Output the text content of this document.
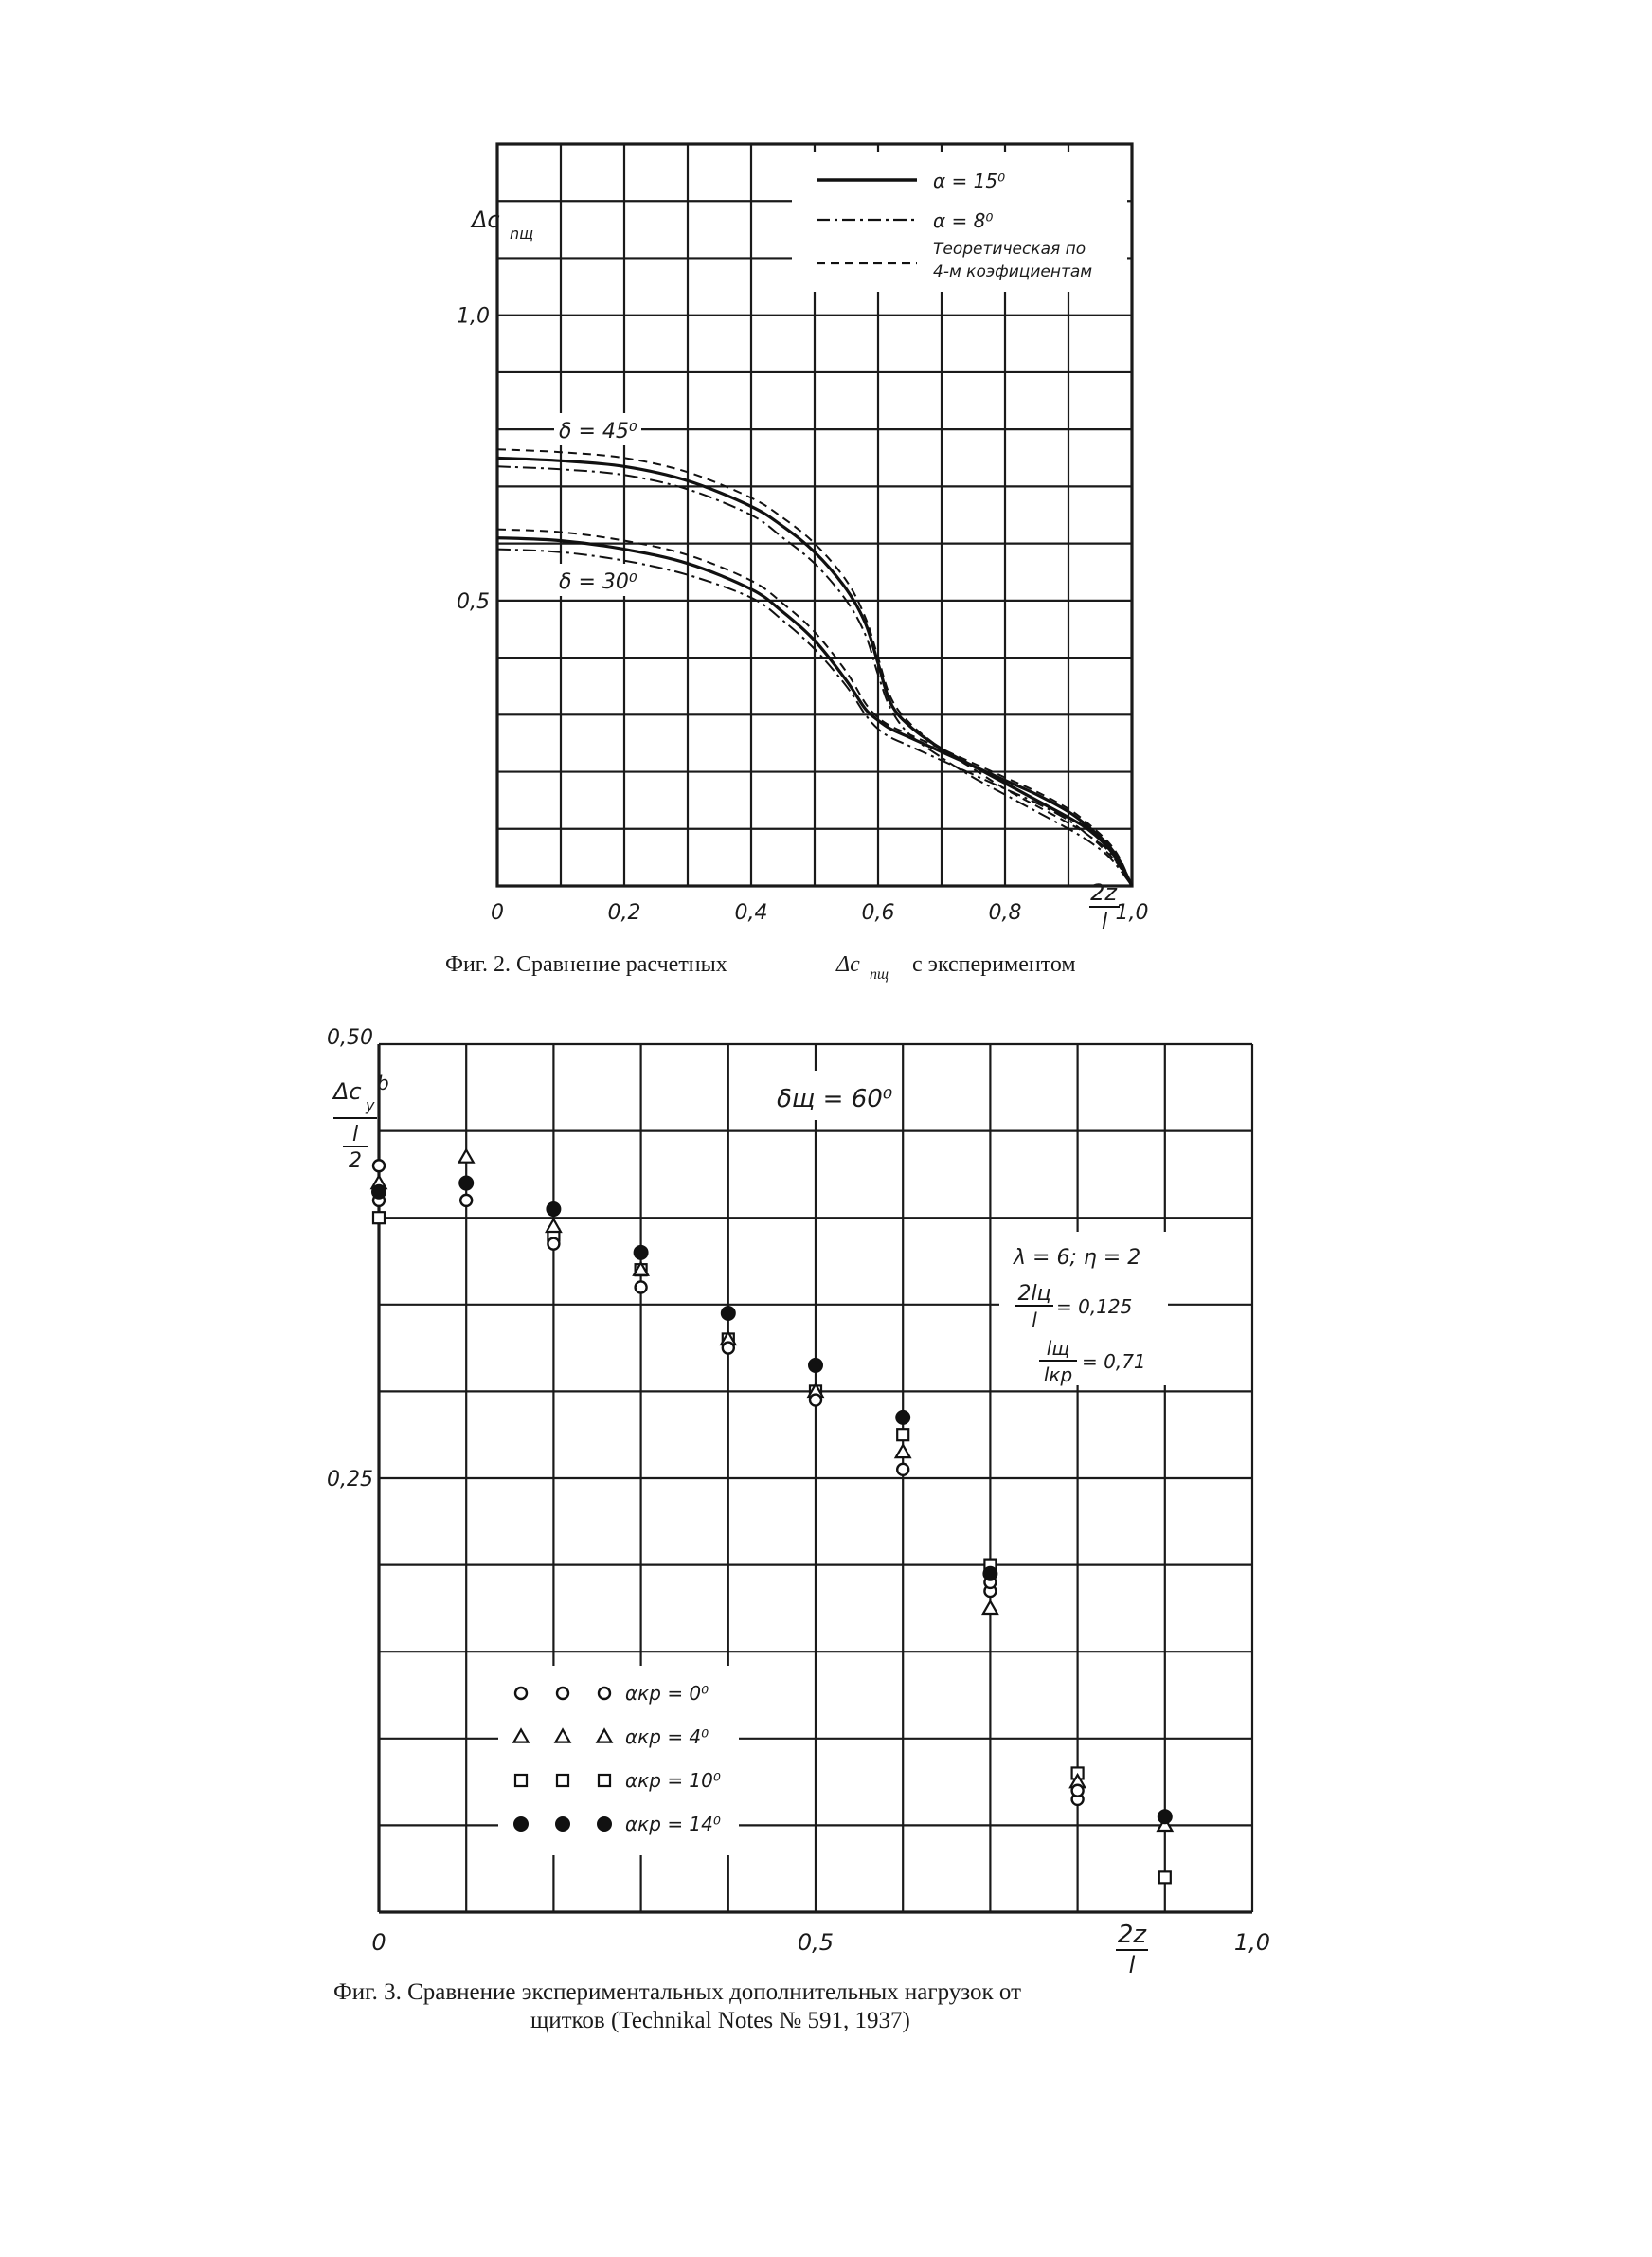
α = 15⁰
α = 8⁰
Теоретическая по
4-м коэфициентам
δ = 45⁰
δ = 30⁰
Δc
nщ
0	0,2	0,4	0,6	0,8	1,0
0,5
1,0
2z
l
Фиг. 2. Сравнение расчетных	Δc nщ с экспериментом
δщ = 60⁰
λ = 6; η = 2
2lц
l
= 0,125
lщ
lкр
= 0,71
αкр = 0⁰
αкр = 4⁰
αкр = 10⁰
αкр = 14⁰
Δc
y
b
l
2
0	0,5	1,0
0,25
0,50
2z
l
Фиг. 3. Сравнение экспериментальных дополнительных нагрузок от
щитков (Technikal Notes № 591, 1937)
